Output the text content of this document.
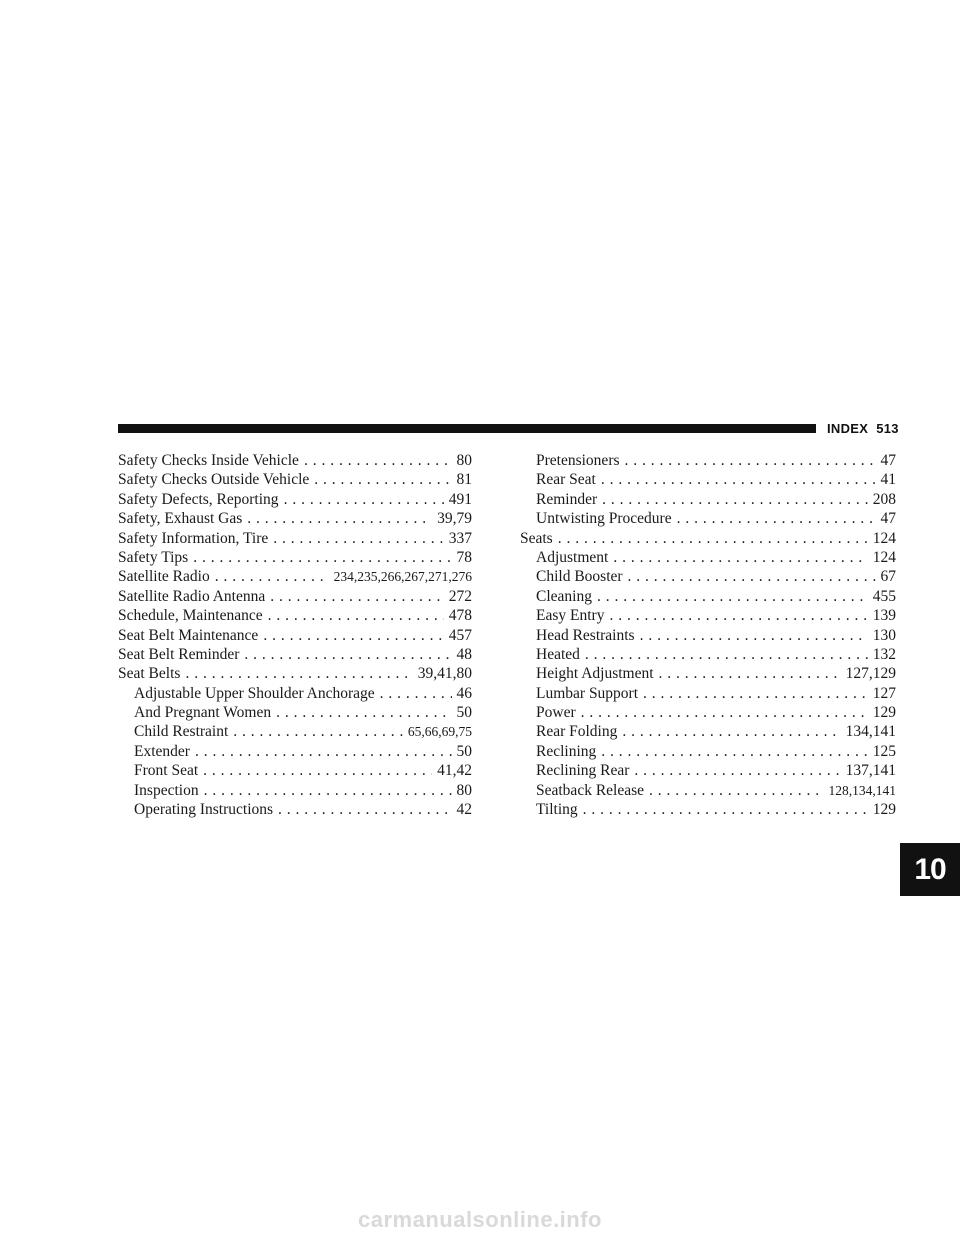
INDEX 513
Safety Checks Inside Vehicle . . .	80
Safety Checks Outside Vehicle . . .	81
Safety Defects, Reporting . . .	491
Safety, Exhaust Gas . . .	39,79
Safety Information, Tire . . .	337
Safety Tips . . .	78
Satellite Radio . . .	234,235,266,267,271,276
Satellite Radio Antenna . . .	272
Schedule, Maintenance . . .	478
Seat Belt Maintenance . . .	457
Seat Belt Reminder . . .	48
Seat Belts . . .	39,41,80
Adjustable Upper Shoulder Anchorage . . .	46
And Pregnant Women . . .	50
Child Restraint . . .	65,66,69,75
Extender . . .	50
Front Seat . . .	41,42
Inspection . . .	80
Operating Instructions . . .	42
Pretensioners . . .	47
Rear Seat . . .	41
Reminder . . .	208
Untwisting Procedure . . .	47
Seats . . .	124
Adjustment . . .	124
Child Booster . . .	67
Cleaning . . .	455
Easy Entry . . .	139
Head Restraints . . .	130
Heated . . .	132
Height Adjustment . . .	127,129
Lumbar Support . . .	127
Power . . .	129
Rear Folding . . .	134,141
Reclining . . .	125
Reclining Rear . . .	137,141
Seatback Release . . .	128,134,141
Tilting . . .	129
10
carmanualsonline.info
